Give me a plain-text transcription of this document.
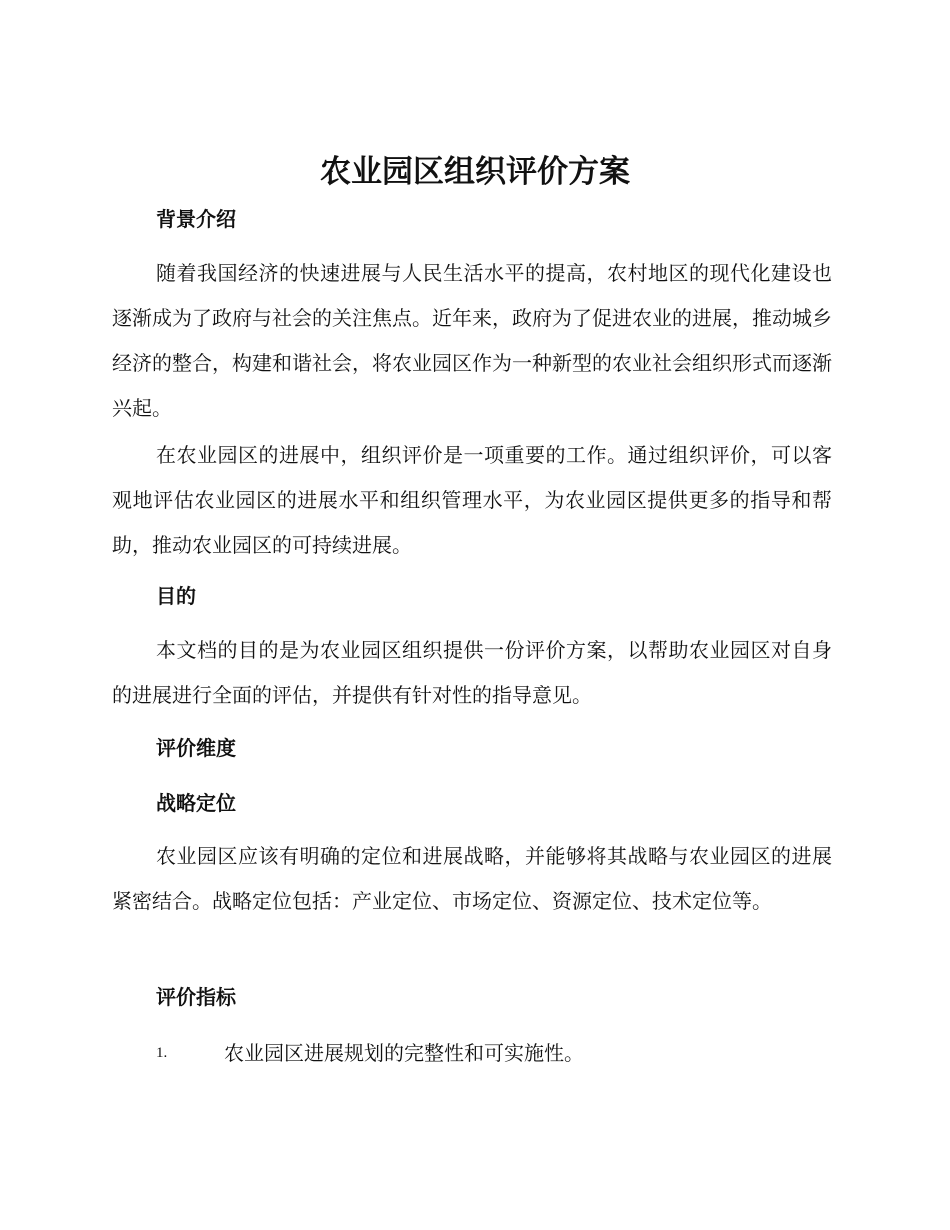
农业园区组织评价方案
背景介绍

随着我国经济的快速进展与人民生活水平的提高，农村地区的现代化建设也逐渐成为了政府与社会的关注焦点。近年来，政府为了促进农业的进展，推动城乡经济的整合，构建和谐社会，将农业园区作为一种新型的农业社会组织形式而逐渐兴起。

在农业园区的进展中，组织评价是一项重要的工作。通过组织评价，可以客观地评估农业园区的进展水平和组织管理水平，为农业园区提供更多的指导和帮助，推动农业园区的可持续进展。

目的

本文档的目的是为农业园区组织提供一份评价方案，以帮助农业园区对自身的进展进行全面的评估，并提供有针对性的指导意见。

评价维度
战略定位

农业园区应该有明确的定位和进展战略，并能够将其战略与农业园区的进展紧密结合。战略定位包括：产业定位、市场定位、资源定位、技术定位等。

评价指标
1.	农业园区进展规划的完整性和可实施性。
